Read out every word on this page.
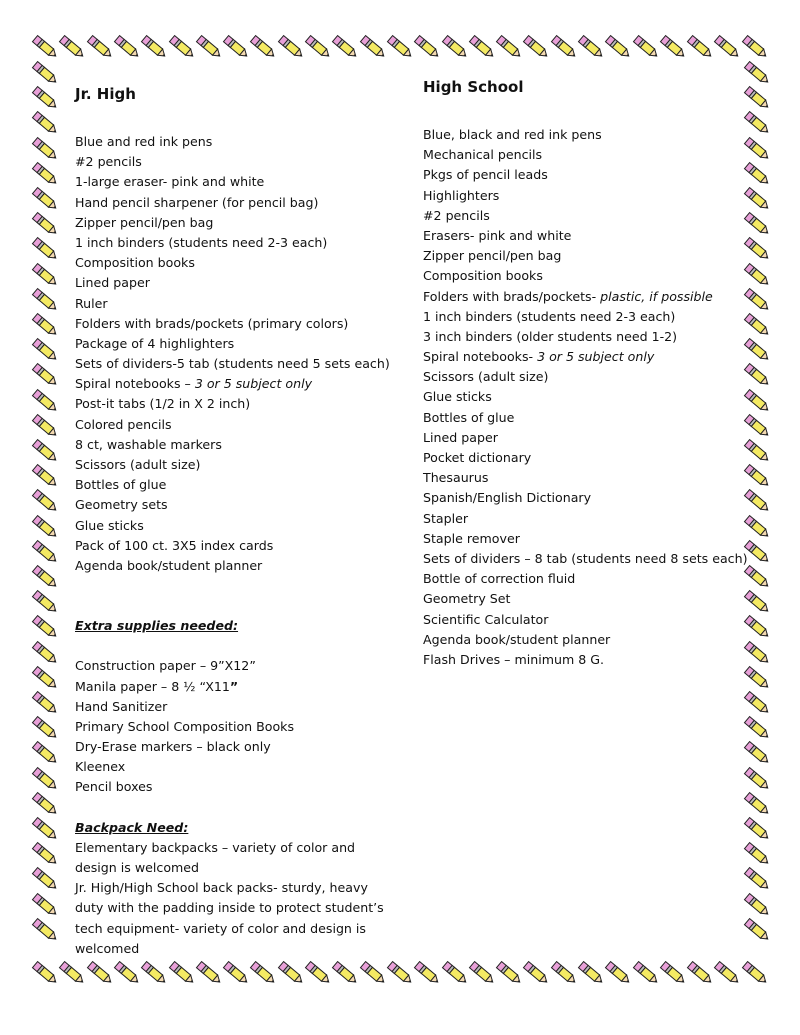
Jr. High
Blue and red ink pens
#2 pencils
1-large eraser- pink and white
Hand pencil sharpener (for pencil bag)
Zipper pencil/pen bag
1 inch binders (students need 2-3 each)
Composition books
Lined paper
Ruler
Folders with brads/pockets (primary colors)
Package of 4 highlighters
Sets of dividers-5 tab (students need 5 sets each)
Spiral notebooks – 3 or 5 subject only
Post-it tabs (1/2 in X 2 inch)
Colored pencils
8 ct, washable markers
Scissors (adult size)
Bottles of glue
Geometry sets
Glue sticks
Pack of 100 ct. 3X5 index cards
Agenda book/student planner
Extra supplies needed:
Construction paper – 9”X12”
Manila paper – 8 ½ “X11”
Hand Sanitizer
Primary School Composition Books
Dry-Erase markers – black only
Kleenex
Pencil boxes
Backpack Need:
Elementary backpacks – variety of color and design is welcomed
Jr. High/High School back packs- sturdy, heavy duty with the padding inside to protect student’s tech equipment- variety of color and design is welcomed
High School
Blue, black and red ink pens
Mechanical pencils
Pkgs of pencil leads
Highlighters
#2 pencils
Erasers- pink and white
Zipper pencil/pen bag
Composition books
Folders with brads/pockets- plastic, if possible
1 inch binders (students need 2-3 each)
3 inch binders (older students need 1-2)
Spiral notebooks- 3 or 5 subject only
Scissors (adult size)
Glue sticks
Bottles of glue
Lined paper
Pocket dictionary
Thesaurus
Spanish/English Dictionary
Stapler
Staple remover
Sets of dividers – 8 tab (students need 8 sets each)
Bottle of correction fluid
Geometry Set
Scientific Calculator
Agenda book/student planner
Flash Drives – minimum 8 G.
